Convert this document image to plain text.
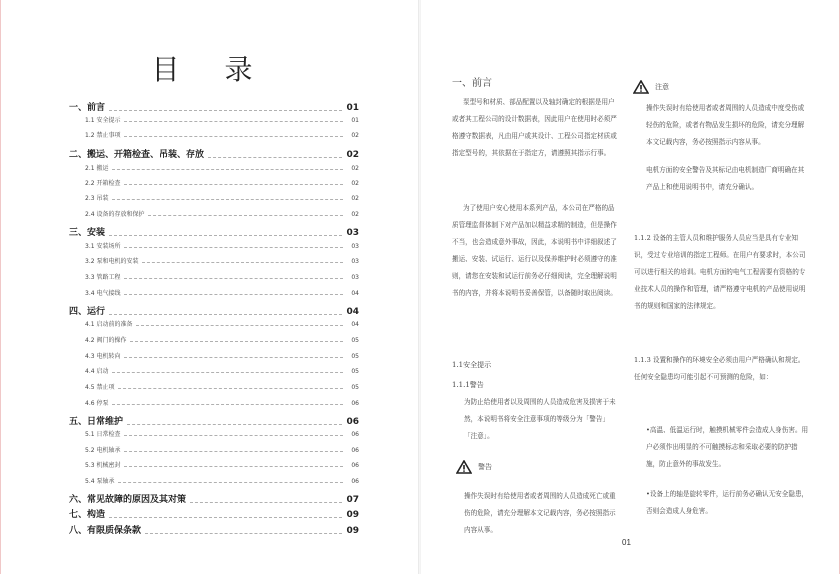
目 录
一、前言	01
1.1 安全提示	01
1.2 禁止事项	02
二、搬运、开箱检查、吊装、存放	02
2.1 搬运	02
2.2 开箱检查	02
2.3 吊装	02
2.4 设备的存放和保护	02
三、安装	03
3.1 安装场所	03
3.2 泵和电机的安装	03
3.3 管路工程	03
3.4 电气接线	04
四、运行	04
4.1 启动前的准备	04
4.2 阀门的操作	05
4.3 电机转向	05
4.4 启动	05
4.5 禁止项	05
4.6 停泵	06
五、日常维护	06
5.1 日常检查	06
5.2 电机轴承	06
5.3 机械密封	06
5.4 泵轴承	06
六、常见故障的原因及其对策	07
七、构造	09
八、有限质保条款	09
一、前言
泵型号和材质、部品配置以及轴封确定的根据是用户或者其工程公司的设计数据表，因此用户在使用时必须严格遵守数据表，凡由用户或其设计、工程公司指定材质或指定型号的，其依据在于指定方，请遵照其指示行事。
为了使用户安心使用本系列产品，本公司在严格的品质管理监督体制下对产品加以精益求精的制造，但是操作不当，也会造成意外事故，因此，本说明书中详细叙述了搬运、安装、试运行、运行以及保养维护时必须遵守的准则，请您在安装和试运行前务必仔细阅读，完全理解说明书的内容，并将本说明书妥善保管，以备随时取出阅读。
1.1安全提示
1.1.1警告
为防止给使用者以及周围的人员造成危害及损害于未然，本说明书将安全注意事项的等级分为「警告」「注意」。
警告
操作失误时有给使用者或者周围的人员造成死亡或重伤的危险，请充分理解本文记载内容，务必按照指示内容从事。
注意
操作失误时有给使用者或者周围的人员造成中度受伤或轻伤的危险，或者有物品发生损坏的危险，请充分理解本文记载内容，务必按照指示内容从事。
电机方面的安全警告及其标记由电机制造厂商明确在其产品上和使用说明书中，请充分确认。
1.1.2 设备的主管人员和维护服务人员应当是具有专业知识，受过专业培训的指定工程师。在用户有要求时，本公司可以进行相关的培训。电机方面的电气工程需要有资格的专业技术人员的操作和管理，请严格遵守电机的产品使用说明书的规则和国家的法律规定。
1.1.3 设置和操作的环境安全必须由用户严格确认和规定。任何安全隐患均可能引起不可预测的危险，如：
•高温、低温运行时，触摸机械零件会造成人身伤害。用户必须作出明显的不可触摸标志和采取必要的防护措施，防止意外的事故发生。
•设备上的轴是旋转零件，运行前务必确认无安全隐患，否则会造成人身危害。
01
